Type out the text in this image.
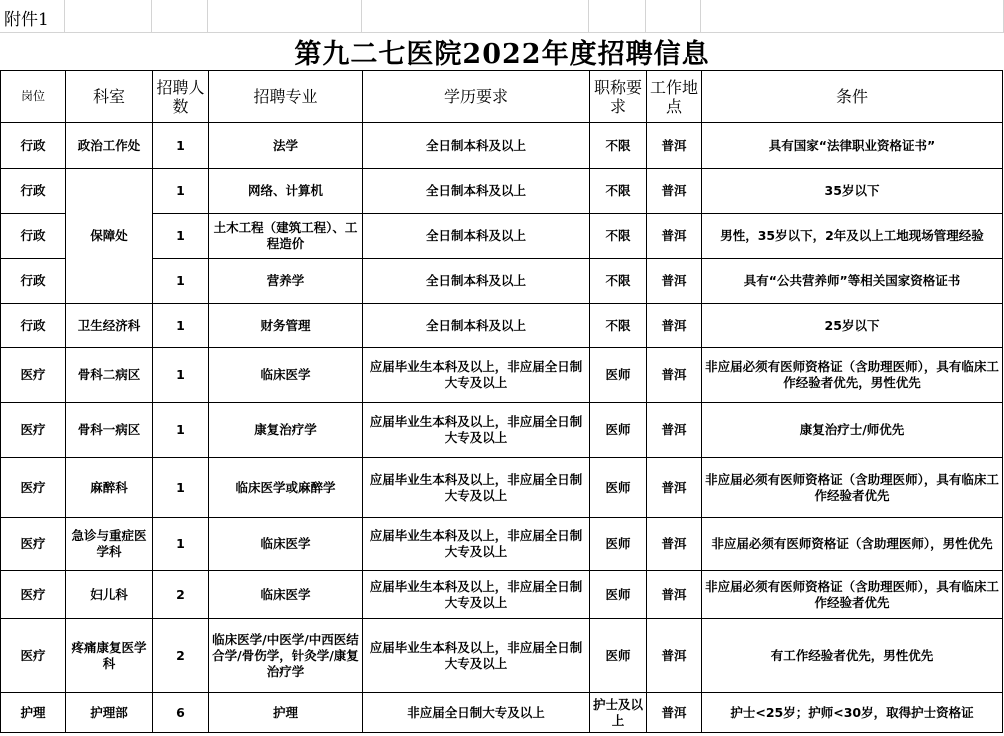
附件1
第九二七医院2022年度招聘信息
岗位	科室	招聘人数	招聘专业	学历要求	职称要求	工作地点	条件
行政	政治工作处	1	法学	全日制本科及以上	不限	普洱	具有国家“法律职业资格证书”
行政	保障处	1	网络、计算机	全日制本科及以上	不限	普洱	35岁以下
行政		1	土木工程（建筑工程）、工程造价	全日制本科及以上	不限	普洱	男性，35岁以下，2年及以上工地现场管理经验
行政		1	营养学	全日制本科及以上	不限	普洱	具有“公共营养师”等相关国家资格证书
行政	卫生经济科	1	财务管理	全日制本科及以上	不限	普洱	25岁以下
医疗	骨科二病区	1	临床医学	应届毕业生本科及以上，非应届全日制大专及以上	医师	普洱	非应届必须有医师资格证（含助理医师），具有临床工作经验者优先，男性优先
医疗	骨科一病区	1	康复治疗学	应届毕业生本科及以上，非应届全日制大专及以上	医师	普洱	康复治疗士/师优先
医疗	麻醉科	1	临床医学或麻醉学	应届毕业生本科及以上，非应届全日制大专及以上	医师	普洱	非应届必须有医师资格证（含助理医师），具有临床工作经验者优先
医疗	急诊与重症医学科	1	临床医学	应届毕业生本科及以上，非应届全日制大专及以上	医师	普洱	非应届必须有医师资格证（含助理医师），男性优先
医疗	妇儿科	2	临床医学	应届毕业生本科及以上，非应届全日制大专及以上	医师	普洱	非应届必须有医师资格证（含助理医师），具有临床工作经验者优先
医疗	疼痛康复医学科	2	临床医学/中医学/中西医结合学/骨伤学，针灸学/康复治疗学	应届毕业生本科及以上，非应届全日制大专及以上	医师	普洱	有工作经验者优先，男性优先
护理	护理部	6	护理	非应届全日制大专及以上	护士及以上	普洱	护士<25岁；护师<30岁，取得护士资格证
